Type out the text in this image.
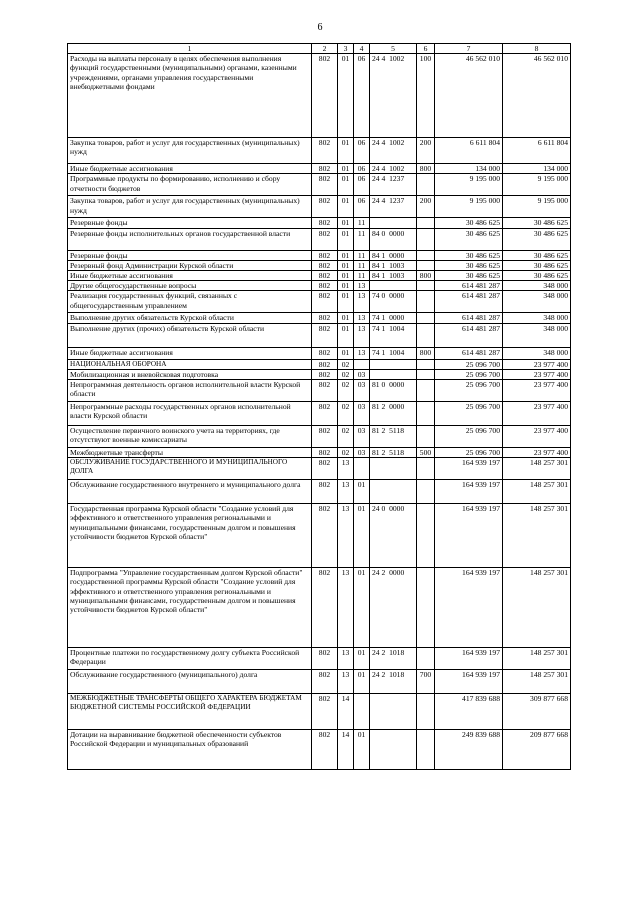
6
1	2	3	4	5	6	7	8
Расходы на выплаты персоналу в целях обеспечения выполнения функций государственными (муниципальными) органами, казенными учреждениями, органами управления государственными внебюджетными фондами	802	01	06	24 4  1002	100	46 562 010	46 562 010
Закупка товаров, работ и услуг для государственных (муниципальных) нужд	802	01	06	24 4  1002	200	6 611 804	6 611 804
Иные бюджетные ассигнования	802	01	06	24 4  1002	800	134 000	134 000
Программные продукты по формированию, исполнению и сбору отчетности бюджетов	802	01	06	24 4  1237		9 195 000	9 195 000
Закупка товаров, работ и услуг для государственных (муниципальных) нужд	802	01	06	24 4  1237	200	9 195 000	9 195 000
Резервные фонды	802	01	11			30 486 625	30 486 625
Резервные фонды исполнительных органов государственной власти	802	01	11	84 0  0000		30 486 625	30 486 625
Резервные фонды	802	01	11	84 1  0000		30 486 625	30 486 625
Резервный фонд Администрации Курской области	802	01	11	84 1  1003		30 486 625	30 486 625
Иные бюджетные ассигнования	802	01	11	84 1  1003	800	30 486 625	30 486 625
Другие общегосударственные вопросы	802	01	13			614 481 287	348 000
Реализация государственных функций, связанных с общегосударственным управлением	802	01	13	74 0  0000		614 481 287	348 000
Выполнение других обязательств Курской области	802	01	13	74 1  0000		614 481 287	348 000
Выполнение других (прочих) обязательств Курской области	802	01	13	74 1  1004		614 481 287	348 000
Иные бюджетные ассигнования	802	01	13	74 1  1004	800	614 481 287	348 000
НАЦИОНАЛЬНАЯ ОБОРОНА	802	02				25 096 700	23 977 400
Мобилизационная и вневойсковая подготовка	802	02	03			25 096 700	23 977 400
Непрограммная деятельность органов исполнительной власти Курской области	802	02	03	81 0  0000		25 096 700	23 977 400
Непрограммные расходы государственных органов исполнительной власти Курской области	802	02	03	81 2  0000		25 096 700	23 977 400
Осуществление первичного воинского учета на территориях, где отсутствуют военные комиссариаты	802	02	03	81 2  5118		25 096 700	23 977 400
Межбюджетные трансферты	802	02	03	81 2  5118	500	25 096 700	23 977 400
ОБСЛУЖИВАНИЕ ГОСУДАРСТВЕННОГО И МУНИЦИПАЛЬНОГО ДОЛГА	802	13				164 939 197	148 257 301
Обслуживание государственного внутреннего и муниципального долга	802	13	01			164 939 197	148 257 301
Государственная программа Курской области "Создание условий для эффективного и ответственного управления региональными и муниципальными финансами, государственным долгом и повышения устойчивости бюджетов Курской области"	802	13	01	24 0  0000		164 939 197	148 257 301
Подпрограмма "Управление государственным долгом Курской области" государственной программы Курской области "Создание условий для эффективного и ответственного управления региональными и муниципальными финансами, государственным долгом и повышения устойчивости бюджетов Курской области"	802	13	01	24 2  0000		164 939 197	148 257 301
Процентные платежи по государственному долгу субъекта Российской Федерации	802	13	01	24 2  1018		164 939 197	148 257 301
Обслуживание государственного (муниципального) долга	802	13	01	24 2  1018	700	164 939 197	148 257 301
МЕЖБЮДЖЕТНЫЕ ТРАНСФЕРТЫ ОБЩЕГО ХАРАКТЕРА БЮДЖЕТАМ БЮДЖЕТНОЙ СИСТЕМЫ РОССИЙСКОЙ ФЕДЕРАЦИИ	802	14				417 839 688	309 877 668
Дотации на выравнивание бюджетной обеспеченности субъектов Российской Федерации и муниципальных образований	802	14	01			249 839 688	209 877 668
